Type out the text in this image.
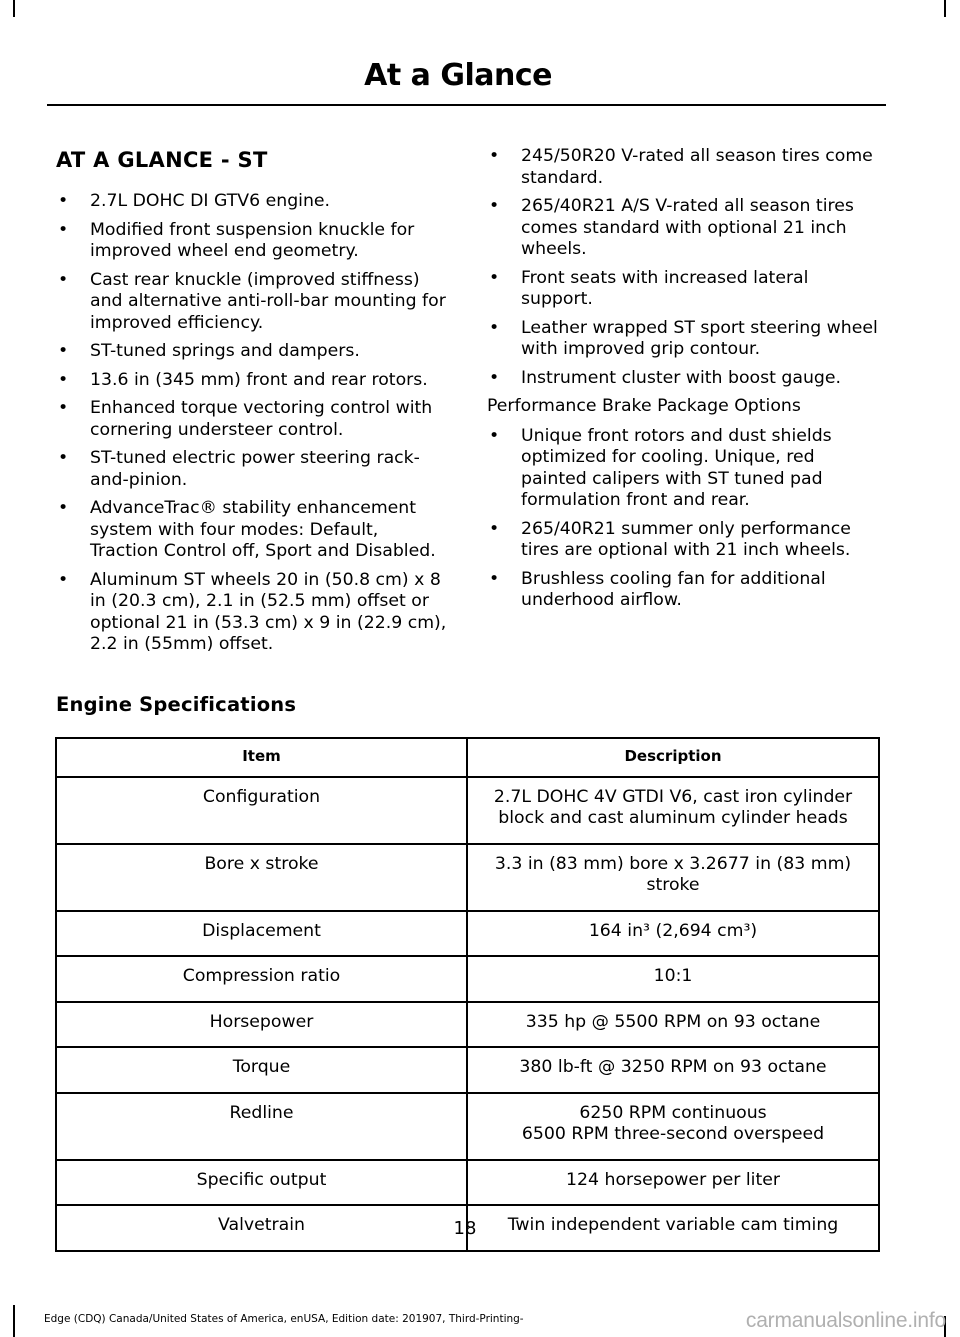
At a Glance
AT A GLANCE - ST
• 2.7L DOHC DI GTV6 engine.
• Modified front suspension knuckle for improved wheel end geometry.
• Cast rear knuckle (improved stiffness) and alternative anti-roll-bar mounting for improved efficiency.
• ST-tuned springs and dampers.
• 13.6 in (345 mm) front and rear rotors.
• Enhanced torque vectoring control with cornering understeer control.
• ST-tuned electric power steering rack-and-pinion.
• AdvanceTrac® stability enhancement system with four modes: Default, Traction Control off, Sport and Disabled.
• Aluminum ST wheels 20 in (50.8 cm) x 8 in (20.3 cm), 2.1 in (52.5 mm) offset or optional 21 in (53.3 cm) x 9 in (22.9 cm), 2.2 in (55mm) offset.
• 245/50R20 V-rated all season tires come standard.
• 265/40R21 A/S V-rated all season tires comes standard with optional 21 inch wheels.
• Front seats with increased lateral support.
• Leather wrapped ST sport steering wheel with improved grip contour.
• Instrument cluster with boost gauge.
Performance Brake Package Options
• Unique front rotors and dust shields optimized for cooling. Unique, red painted calipers with ST tuned pad formulation front and rear.
• 265/40R21 summer only performance tires are optional with 21 inch wheels.
• Brushless cooling fan for additional underhood airflow.
Engine Specifications
Item	Description
Configuration	2.7L DOHC 4V GTDI V6, cast iron cylinder
block and cast aluminum cylinder heads
Bore x stroke	3.3 in (83 mm) bore x 3.2677 in (83 mm)
stroke
Displacement	164 in³ (2,694 cm³)
Compression ratio	10:1
Horsepower	335 hp @ 5500 RPM on 93 octane
Torque	380 lb-ft @ 3250 RPM on 93 octane
Redline	6250 RPM continuous
6500 RPM three-second overspeed
Specific output	124 horsepower per liter
Valvetrain	Twin independent variable cam timing
18
Edge (CDQ) Canada/United States of America, enUSA, Edition date: 201907, Third-Printing-	carmanualsonline.info
